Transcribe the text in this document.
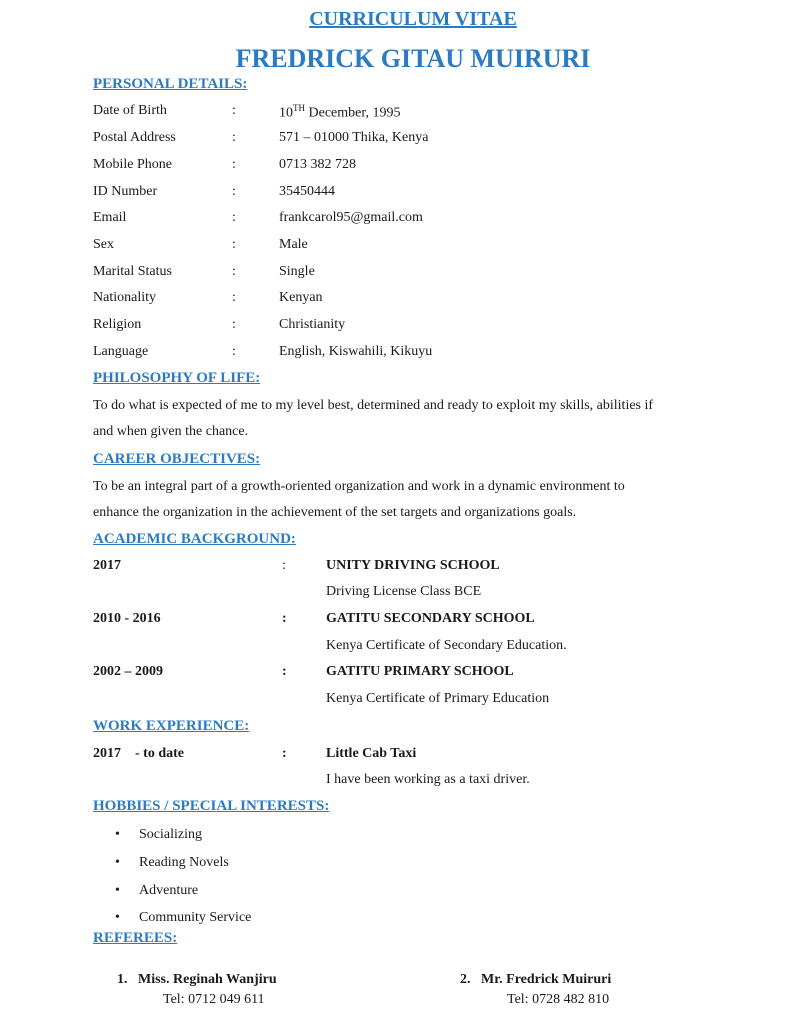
CURRICULUM VITAE
FREDRICK GITAU MUIRURI
PERSONAL DETAILS:
Date of Birth	:	10TH December, 1995
Postal Address	:	571 – 01000 Thika, Kenya
Mobile Phone	:	0713 382 728
ID Number	:	35450444
Email	:	frankcarol95@gmail.com
Sex	:	Male
Marital Status	:	Single
Nationality	:	Kenyan
Religion	:	Christianity
Language	:	English, Kiswahili, Kikuyu
PHILOSOPHY OF LIFE:
To do what is expected of me to my level best, determined and ready to exploit my skills, abilities if
and when given the chance.
CAREER OBJECTIVES:
To be an integral part of a growth-oriented organization and work in a dynamic environment to
enhance the organization in the achievement of the set targets and organizations goals.
ACADEMIC BACKGROUND:
2017	:	UNITY DRIVING SCHOOL
Driving License Class BCE
2010 - 2016	:	GATITU SECONDARY SCHOOL
Kenya Certificate of Secondary Education.
2002 – 2009	:	GATITU PRIMARY SCHOOL
Kenya Certificate of Primary Education
WORK EXPERIENCE:
2017    - to date	:	Little Cab Taxi
I have been working as a taxi driver.
HOBBIES / SPECIAL INTERESTS:
• Socializing
• Reading Novels
• Adventure
• Community Service
REFEREES:
1.   Miss. Reginah Wanjiru
Tel: 0712 049 611
2.   Mr. Fredrick Muiruri
Tel: 0728 482 810
